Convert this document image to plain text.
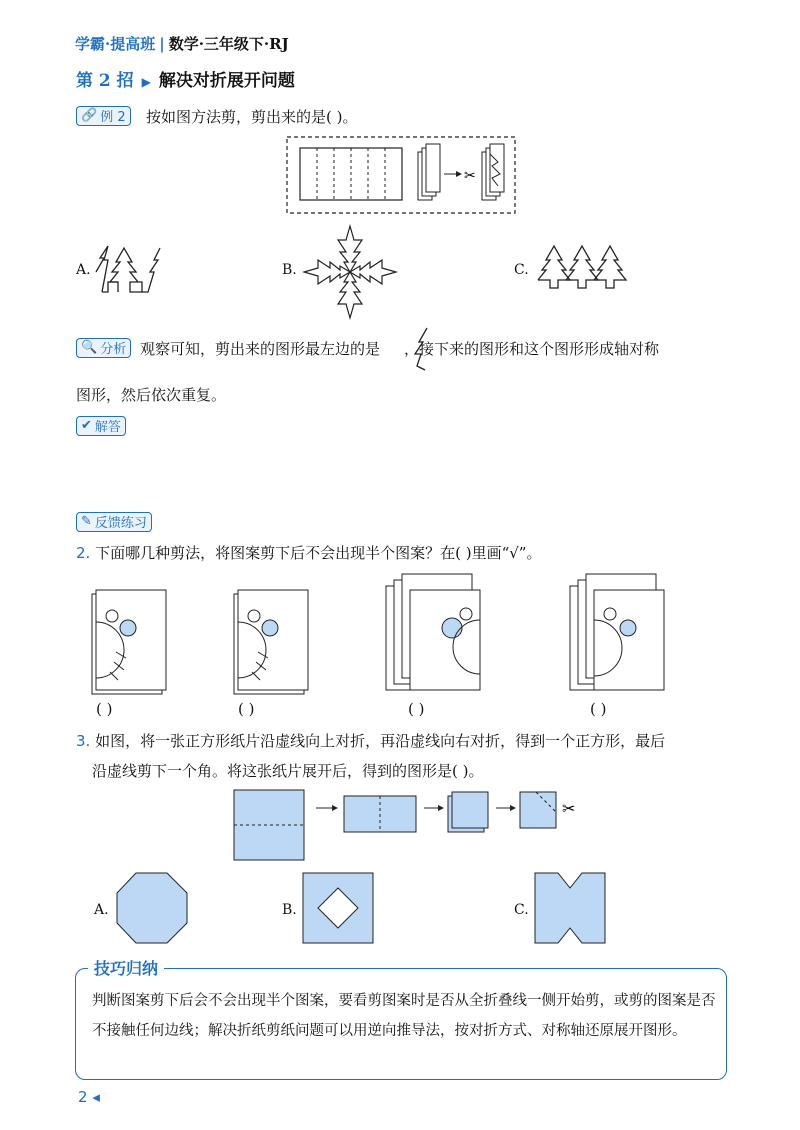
学霸·提高班 | 数学·三年级下·RJ
第 2 招 ▶ 解决对折展开问题
🔗 例 2 按如图方法剪，剪出来的是( )。
✂
A.	B.	C.
🔍 分析 观察可知，剪出来的图形最左边的是 ，接下来的图形和这个图形形成轴对称
图形，然后依次重复。
✔ 解答
✎ 反馈练习
2. 下面哪几种剪法，将图案剪下后不会出现半个图案？在( )里画“√”。
( )	( )	( )	( )
3. 如图，将一张正方形纸片沿虚线向上对折，再沿虚线向右对折，得到一个正方形，最后
沿虚线剪下一个角。将这张纸片展开后，得到的图形是( )。
✂
A.	B.	C.
技巧归纳
判断图案剪下后会不会出现半个图案，要看剪图案时是否从全折叠线一侧开始剪，或剪的图案是否不接触任何边线；解决折纸剪纸问题可以用逆向推导法，按对折方式、对称轴还原展开图形。
2 ◂
